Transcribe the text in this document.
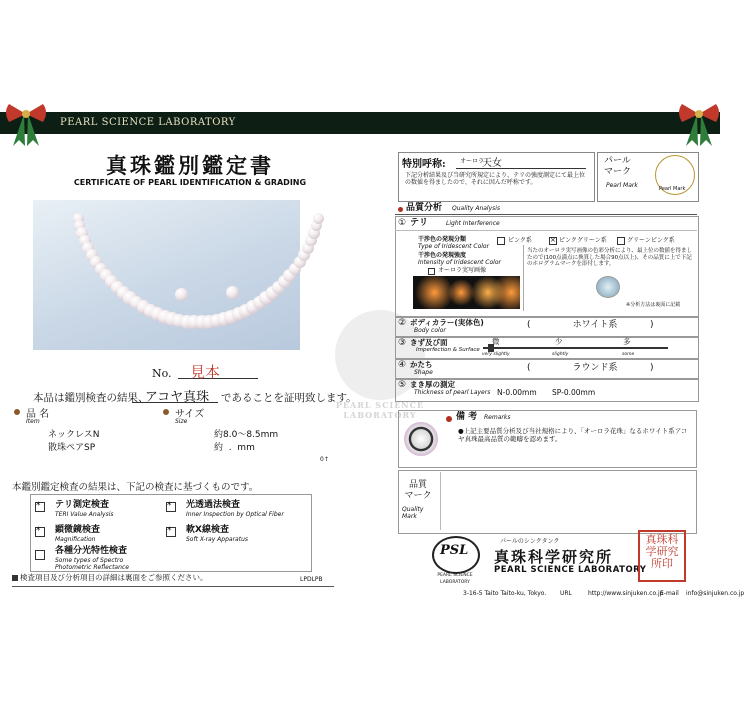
PEARL SCIENCE LABORATORY
真珠鑑別鑑定書
CERTIFICATE OF PEARL IDENTIFICATION & GRADING
No. 見本
本品は鑑別検査の結果、
アコヤ真珠	であることを証明致します。
品 名
Item
サイズ
Size
ネックレスN	約8.0～8.5mm
散珠ペアSP	約  .  mm
0↑
本鑑別鑑定検査の結果は、下記の検査に基づくものです。
* テリ測定検査
TERI Value Analysis
* 顕微鏡検査
Magnification
各種分光特性検査
Some types of Spectro Photometric Reflectance
* 光透過法検査
Inner Inspection by Optical Fiber
* 軟X線検査
Soft X-ray Apparatus
検査項目及び分析項目の詳細は裏面をご参照ください。	LPDLPB
PEARL SCIENCE LABORATORY
特別呼称: オーロラ
天女
下記分析結果及び当研究所規定により、テリの強度測定にて最上位の数値を得ましたので、それに因んだ呼称です。
パール マーク
Pearl Mark	Pearl Mark
品質分析 Quality Analysis
① テリ	Light Interference
干渉色の発現分類
Type of Iridescent Color
ピンク系	× ピンクグリーン系	グリーンピンク系
干渉色の発現強度
Intensity of Iridescent Color
オーロラ実写画像
当たのオーロラ実写画像の色彩分析により、最上位の数値を得ましたので(100点満点に換算した場合90点以上)、その品質に上で下記のホログラムマークを添付します。
※分析方法は裏面に記載
② ボディカラー(実体色)
Body color
(	ホワイト系	)
③ きず及び面
Imperfection & Surface
微	少	多
very slightly	slightly	some
④ かたち
Shape	(	ラウンド系	)
⑤ まき厚の測定
Thickness of pearl Layers N-0.00mm SP-0.00mm
備 考 Remarks
●上記主要品質分析及び当社規格により、「オーロラ花珠」なるホワイト系アコヤ真珠最高品質の範疇を認めます。
品質 マーク
Quality Mark
PSL
PEARL SCIENCE LABORATORY
パールのシンクタンク
真珠科学研究所
PEARL SCIENCE LABORATORY
真珠科学研究所印
3-16-5 Taito Taito-ku, Tokyo. URL	http://www.sinjuken.co.jp
E-mail info@sinjuken.co.jp
